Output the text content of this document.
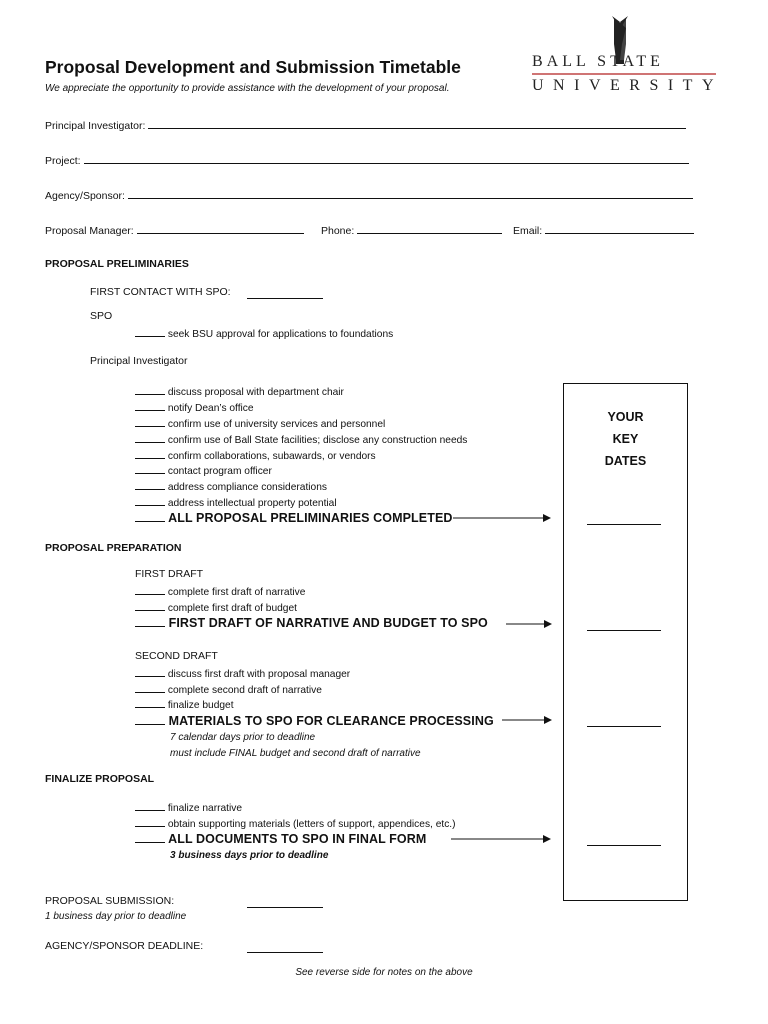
Proposal Development and Submission Timetable
We appreciate the opportunity to provide assistance with the development of your proposal.
BALL STATE
UNIVERSITY
Principal Investigator:
Project:
Agency/Sponsor:
Proposal Manager:	Phone:	Email:
PROPOSAL PRELIMINARIES
FIRST CONTACT WITH SPO:
SPO
seek BSU approval for applications to foundations
Principal Investigator
discuss proposal with department chair
notify Dean’s office
confirm use of university services and personnel
confirm use of Ball State facilities; disclose any construction needs
confirm collaborations, subawards, or vendors
contact program officer
address compliance considerations
address intellectual property potential
ALL PROPOSAL PRELIMINARIES COMPLETED
PROPOSAL PREPARATION
FIRST DRAFT
complete first draft of narrative
complete first draft of budget
FIRST DRAFT OF NARRATIVE AND BUDGET TO SPO
SECOND DRAFT
discuss first draft with proposal manager
complete second draft of narrative
finalize budget
MATERIALS TO SPO FOR CLEARANCE PROCESSING
7 calendar days prior to deadline
must include FINAL budget and second draft of narrative
FINALIZE PROPOSAL
finalize narrative
obtain supporting materials (letters of support, appendices, etc.)
ALL DOCUMENTS TO SPO IN FINAL FORM
3 business days prior to deadline
YOUR
KEY
DATES
PROPOSAL SUBMISSION:
1 business day prior to deadline
AGENCY/SPONSOR DEADLINE:
See reverse side for notes on the above
